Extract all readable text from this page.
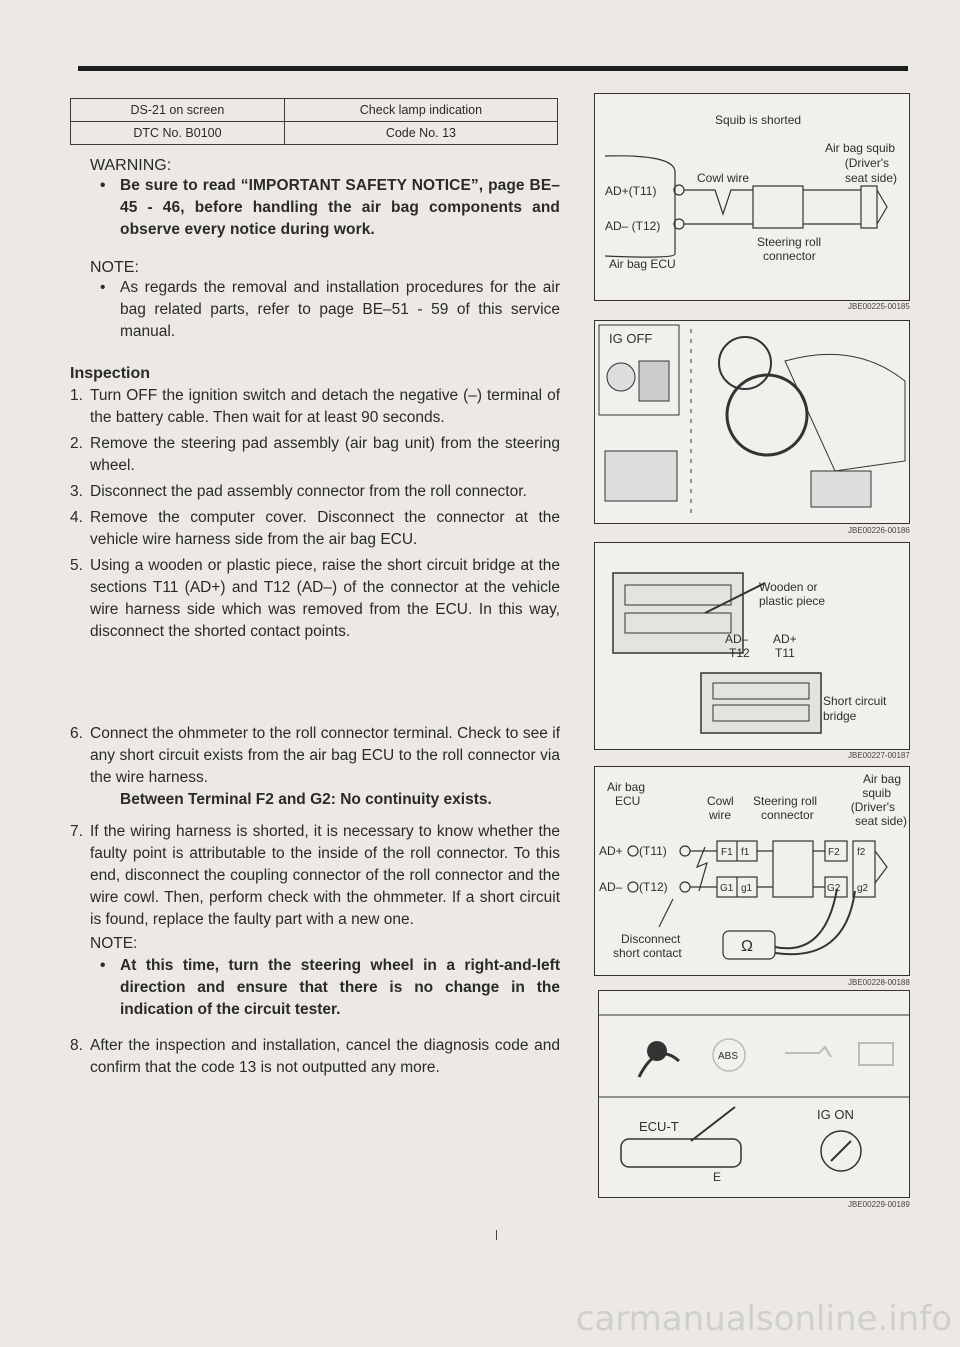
DS-21 on screen	Check lamp indication
DTC No. B0100	Code No. 13
WARNING:
• Be sure to read “IMPORTANT SAFETY NOTICE”, page BE–45 - 46, before handling the air bag components and observe every notice during work.
NOTE:
• As regards the removal and installation procedures for the air bag related parts, refer to page BE–51 - 59 of this service manual.
Inspection
1. Turn OFF the ignition switch and detach the negative (–) terminal of the battery cable. Then wait for at least 90 seconds.
2. Remove the steering pad assembly (air bag unit) from the steering wheel.
3. Disconnect the pad assembly connector from the roll connector.
4. Remove the computer cover. Disconnect the connector at the vehicle wire harness side from the air bag ECU.
5. Using a wooden or plastic piece, raise the short circuit bridge at the sections T11 (AD+) and T12 (AD–) of the connector at the vehicle wire harness side which was removed from the ECU. In this way, disconnect the shorted contact points.
6. Connect the ohmmeter to the roll connector terminal. Check to see if any short circuit exists from the air bag ECU to the roll connector via the wire harness.
Between Terminal F2 and G2: No continuity exists.
7. If the wiring harness is shorted, it is necessary to know whether the faulty point is attributable to the inside of the roll connector. To this end, disconnect the coupling connector of the roll connector and the wire cowl. Then, perform check with the ohmmeter. If a short circuit is found, replace the faulty part with a new one.
NOTE:
• At this time, turn the steering wheel in a right-and-left direction and ensure that there is no change in the indication of the circuit tester.
8. After the inspection and installation, cancel the diagnosis code and confirm that the code 13 is not outputted any more.
Squib is shorted
Air bag squib
(Driver's
seat side)
Cowl wire
AD+(T11)
AD– (T12)
Steering roll
connector
Air bag ECU
JBE00225-00185
IG OFF
JBE00226-00186
Wooden or
plastic piece
AD– AD+
T12 T11
Short circuit
bridge
JBE00227-00187
Air bag
ECU	Cowl
wire
Steering roll
connector
Air bag
squib
(Driver's
seat side)
AD+
AD–
(T11)
(T12)
F1 f1
G1 g1
F2 f2
G2 g2
Ω
Disconnect
short contact
JBE00228-00188
ABS
ECU-T
E
IG ON
JBE00229-00189
carmanualsonline.info
